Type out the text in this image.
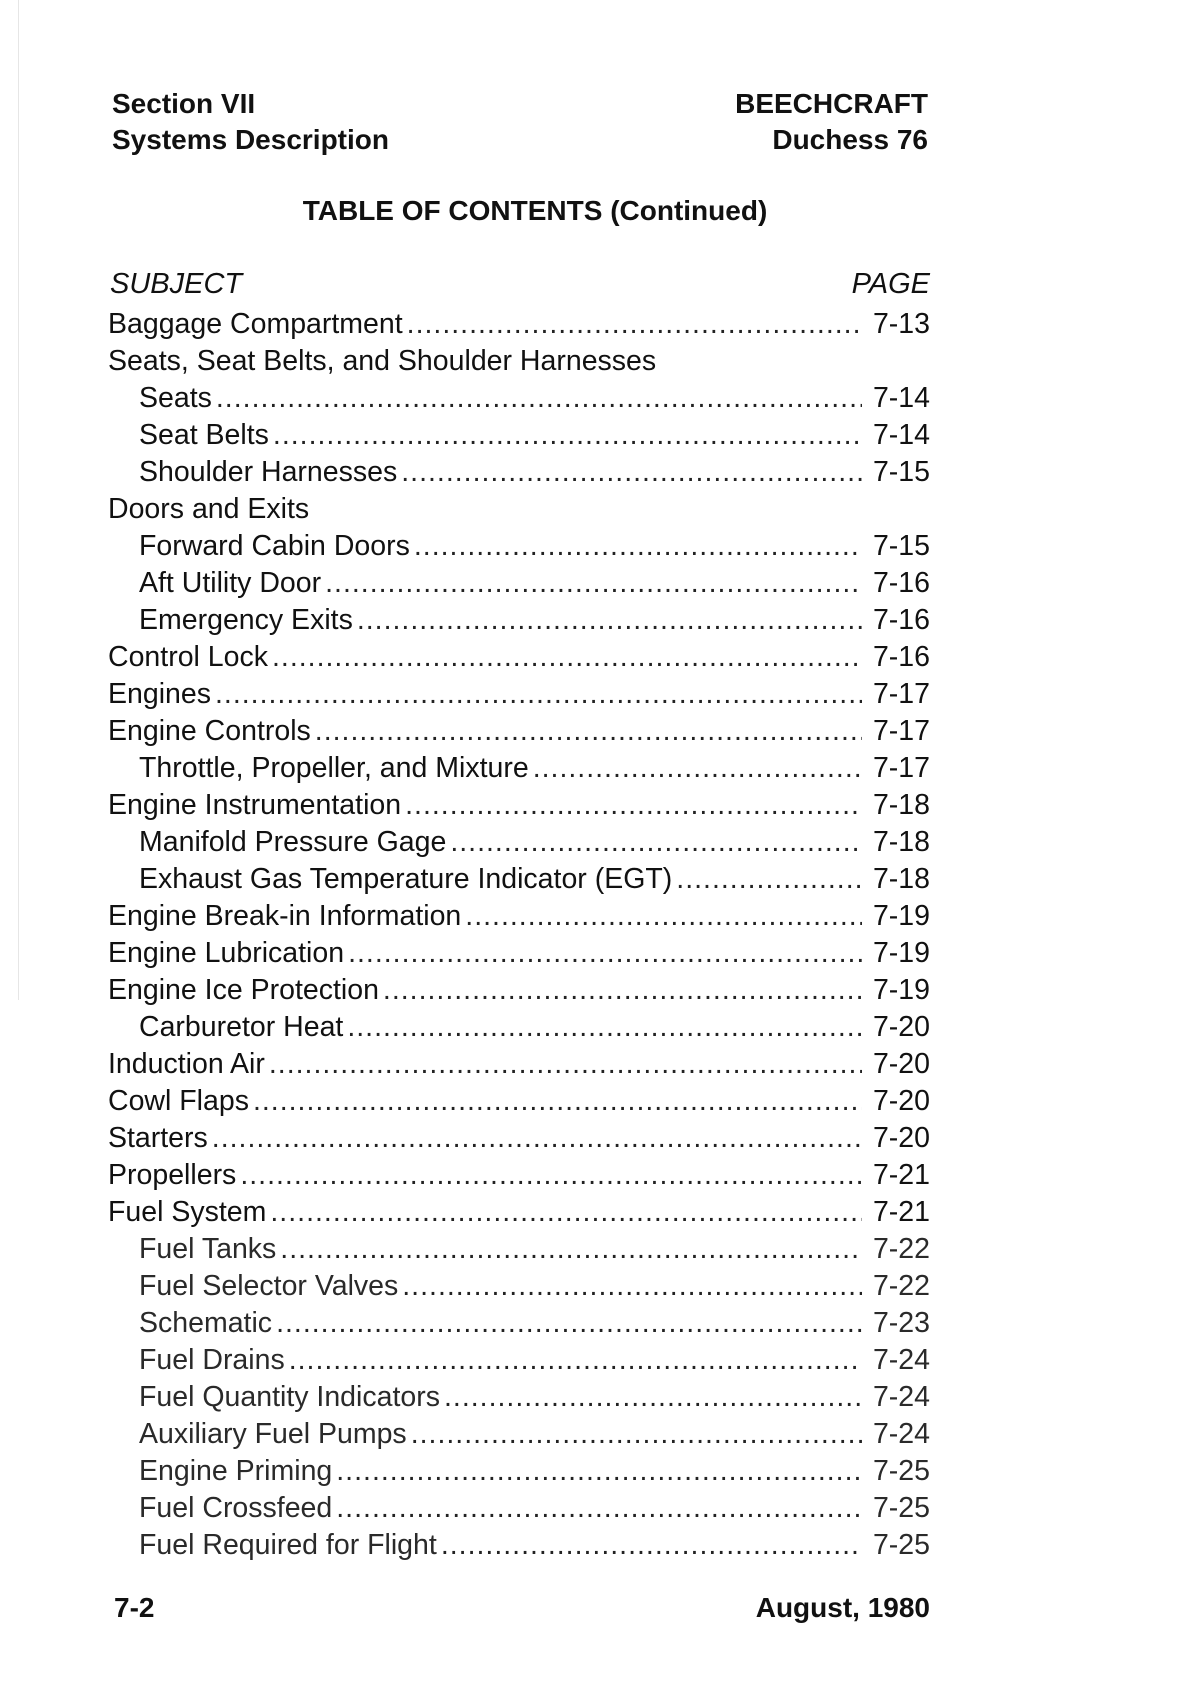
Section VII
Systems Description
BEECHCRAFT
Duchess 76
TABLE OF CONTENTS (Continued)
SUBJECT	PAGE
Baggage Compartment .....	7-13
Seats, Seat Belts, and Shoulder Harnesses
Seats .....	7-14
Seat Belts .....	7-14
Shoulder Harnesses .....	7-15
Doors and Exits
Forward Cabin Doors .....	7-15
Aft Utility Door .....	7-16
Emergency Exits .....	7-16
Control Lock .....	7-16
Engines .....	7-17
Engine Controls .....	7-17
Throttle, Propeller, and Mixture .....	7-17
Engine Instrumentation .....	7-18
Manifold Pressure Gage .....	7-18
Exhaust Gas Temperature Indicator (EGT) .....	7-18
Engine Break-in Information .....	7-19
Engine Lubrication .....	7-19
Engine Ice Protection .....	7-19
Carburetor Heat .....	7-20
Induction Air .....	7-20
Cowl Flaps .....	7-20
Starters .....	7-20
Propellers .....	7-21
Fuel System .....	7-21
Fuel Tanks .....	7-22
Fuel Selector Valves .....	7-22
Schematic .....	7-23
Fuel Drains .....	7-24
Fuel Quantity Indicators .....	7-24
Auxiliary Fuel Pumps .....	7-24
Engine Priming .....	7-25
Fuel Crossfeed .....	7-25
Fuel Required for Flight .....	7-25
7-2	August, 1980
